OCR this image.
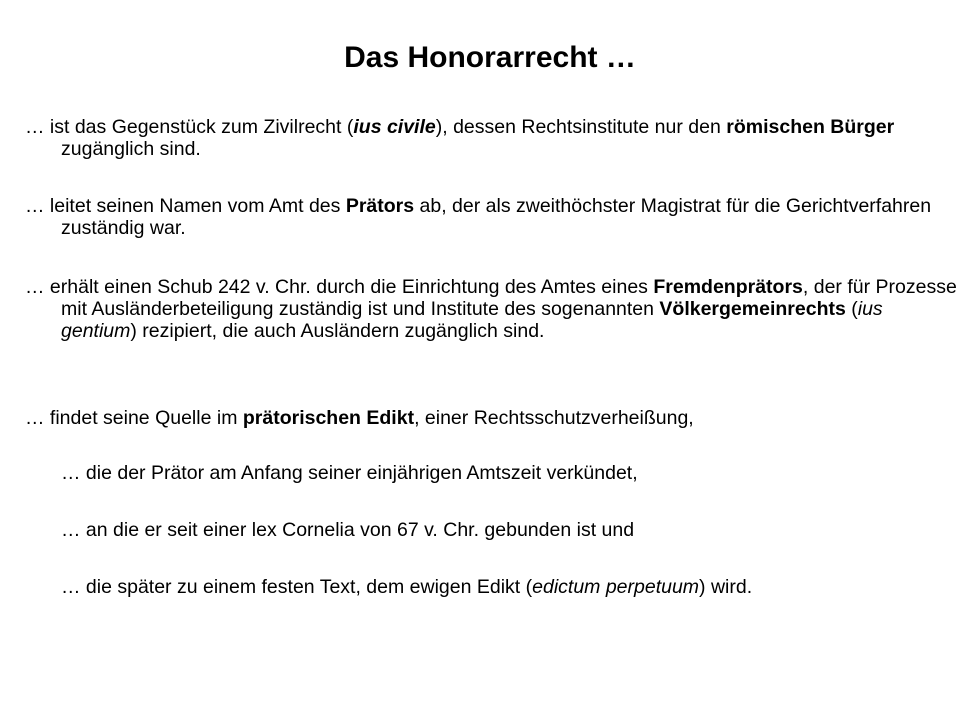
Das Honorarrecht …
… ist das Gegenstück zum Zivilrecht (ius civile), dessen Rechtsinstitute nur den römischen Bürger zugänglich sind.
… leitet seinen Namen vom Amt des Prätors ab, der als zweithöchster Magistrat für die Gerichtverfahren zuständig war.
… erhält einen Schub 242 v. Chr. durch die Einrichtung des Amtes eines Fremdenprätors, der für Prozesse mit Ausländerbeteiligung zuständig ist und Institute des sogenannten Völkergemeinrechts (ius gentium) rezipiert, die auch Ausländern zugänglich sind.
… findet seine Quelle im prätorischen Edikt, einer Rechtsschutzverheißung,
… die der Prätor am Anfang seiner einjährigen Amtszeit verkündet,
… an die er seit einer lex Cornelia von 67 v. Chr. gebunden ist und
… die später zu einem festen Text, dem ewigen Edikt (edictum perpetuum) wird.
